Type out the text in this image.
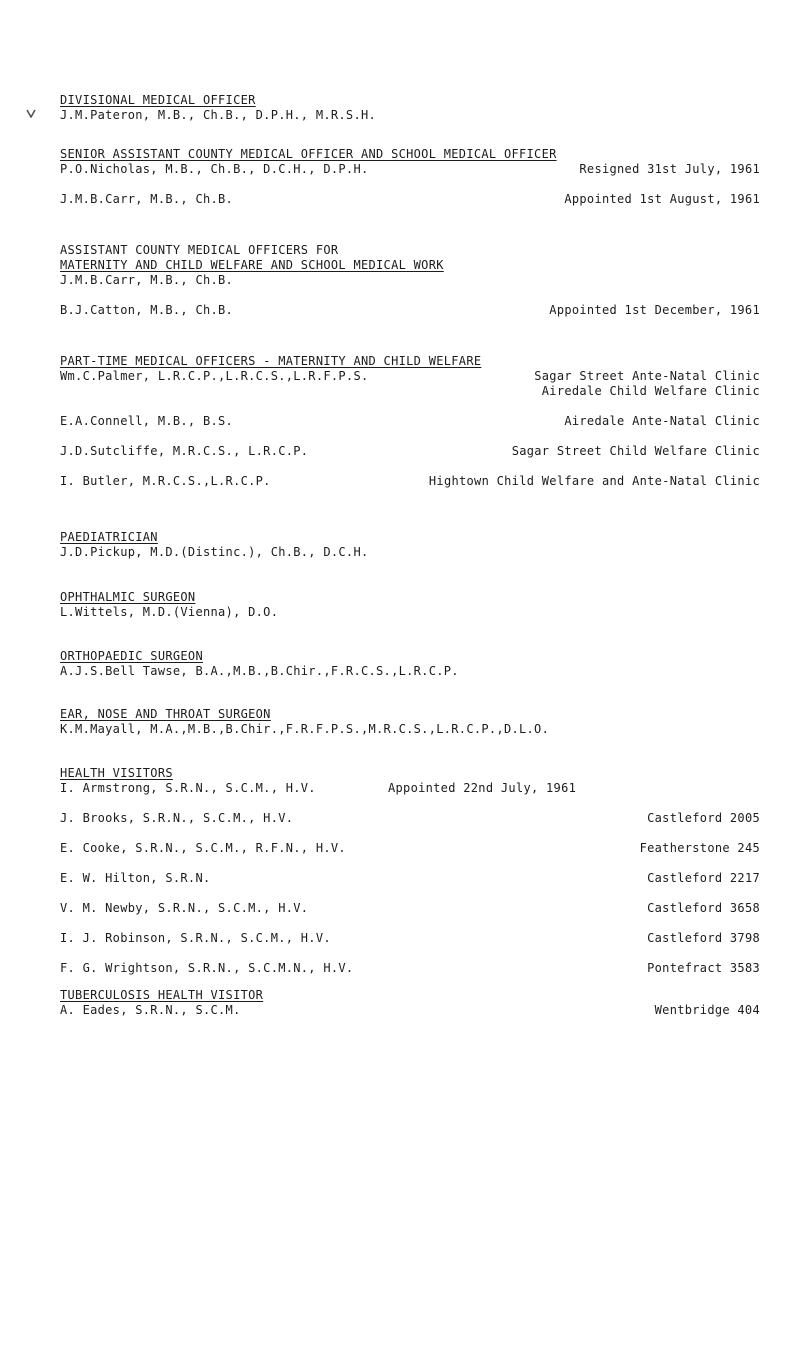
DIVISIONAL MEDICAL OFFICER
J.M.Pateron, M.B., Ch.B., D.P.H., M.R.S.H.
SENIOR ASSISTANT COUNTY MEDICAL OFFICER AND SCHOOL MEDICAL OFFICER
P.O.Nicholas, M.B., Ch.B., D.C.H., D.P.H.	Resigned 31st July, 1961
J.M.B.Carr, M.B., Ch.B.	Appointed 1st August, 1961
ASSISTANT COUNTY MEDICAL OFFICERS FOR
MATERNITY AND CHILD WELFARE AND SCHOOL MEDICAL WORK
J.M.B.Carr, M.B., Ch.B.
B.J.Catton, M.B., Ch.B.	Appointed 1st December, 1961
PART-TIME MEDICAL OFFICERS - MATERNITY AND CHILD WELFARE
Wm.C.Palmer, L.R.C.P.,L.R.C.S.,L.R.F.P.S.	Sagar Street Ante-Natal Clinic
Airedale Child Welfare Clinic
E.A.Connell, M.B., B.S.	Airedale Ante-Natal Clinic
J.D.Sutcliffe, M.R.C.S., L.R.C.P.	Sagar Street Child Welfare Clinic
I. Butler, M.R.C.S.,L.R.C.P.	Hightown Child Welfare and Ante-Natal Clinic
PAEDIATRICIAN
J.D.Pickup, M.D.(Distinc.), Ch.B., D.C.H.
OPHTHALMIC SURGEON
L.Wittels, M.D.(Vienna), D.O.
ORTHOPAEDIC SURGEON
A.J.S.Bell Tawse, B.A.,M.B.,B.Chir.,F.R.C.S.,L.R.C.P.
EAR, NOSE AND THROAT SURGEON
K.M.Mayall, M.A.,M.B.,B.Chir.,F.R.F.P.S.,M.R.C.S.,L.R.C.P.,D.L.O.
HEALTH VISITORS
I. Armstrong, S.R.N., S.C.M., H.V.	Appointed 22nd July, 1961
J. Brooks, S.R.N., S.C.M., H.V.	Castleford 2005
E. Cooke, S.R.N., S.C.M., R.F.N., H.V.	Featherstone 245
E. W. Hilton, S.R.N.	Castleford 2217
V. M. Newby, S.R.N., S.C.M., H.V.	Castleford 3658
I. J. Robinson, S.R.N., S.C.M., H.V.	Castleford 3798
F. G. Wrightson, S.R.N., S.C.M.N., H.V.	Pontefract 3583
TUBERCULOSIS HEALTH VISITOR
A. Eades, S.R.N., S.C.M.	Wentbridge 404
